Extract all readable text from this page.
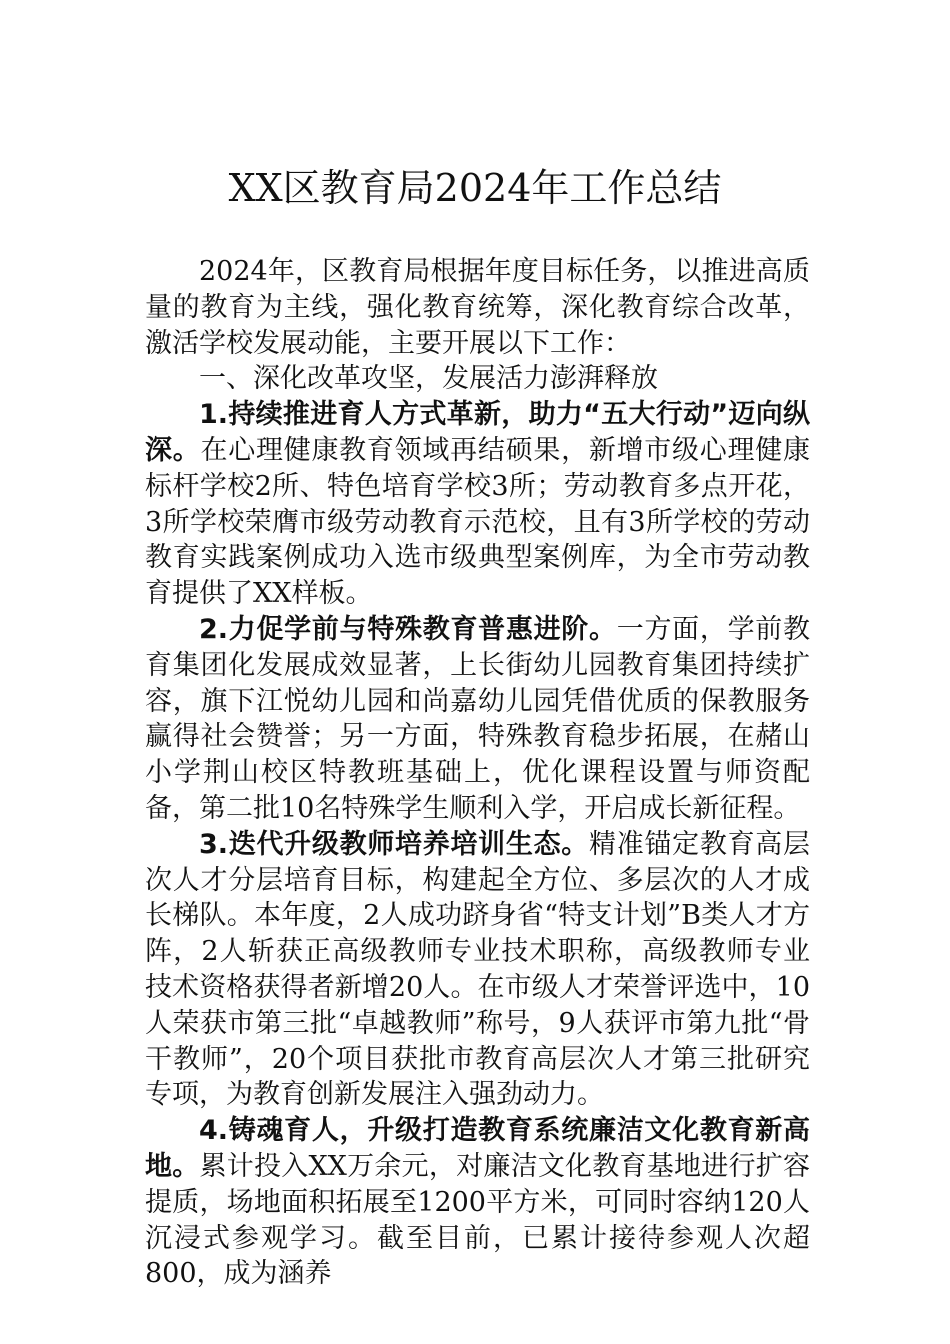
XX区教育局2024年工作总结

2024年，区教育局根据年度目标任务，以推进高质量的教育为主线，强化教育统筹，深化教育综合改革，激活学校发展动能，主要开展以下工作：

一、深化改革攻坚，发展活力澎湃释放

1.持续推进育人方式革新，助力“五大行动”迈向纵深。在心理健康教育领域再结硕果，新增市级心理健康标杆学校2所、特色培育学校3所；劳动教育多点开花，3所学校荣膺市级劳动教育示范校，且有3所学校的劳动教育实践案例成功入选市级典型案例库，为全市劳动教育提供了XX样板。

2.力促学前与特殊教育普惠进阶。一方面，学前教育集团化发展成效显著，上长街幼儿园教育集团持续扩容，旗下江悦幼儿园和尚嘉幼儿园凭借优质的保教服务赢得社会赞誉；另一方面，特殊教育稳步拓展，在赭山小学荆山校区特教班基础上，优化课程设置与师资配备，第二批10名特殊学生顺利入学，开启成长新征程。

3.迭代升级教师培养培训生态。精准锚定教育高层次人才分层培育目标，构建起全方位、多层次的人才成长梯队。本年度，2人成功跻身省“特支计划”B类人才方阵，2人斩获正高级教师专业技术职称，高级教师专业技术资格获得者新增20人。在市级人才荣誉评选中，10人荣获市第三批“卓越教师”称号，9人获评市第九批“骨干教师”，20个项目获批市教育高层次人才第三批研究专项，为教育创新发展注入强劲动力。

4.铸魂育人，升级打造教育系统廉洁文化教育新高地。累计投入XX万余元，对廉洁文化教育基地进行扩容提质，场地面积拓展至1200平方米，可同时容纳120人沉浸式参观学习。截至目前，已累计接待参观人次超800，成为涵养
